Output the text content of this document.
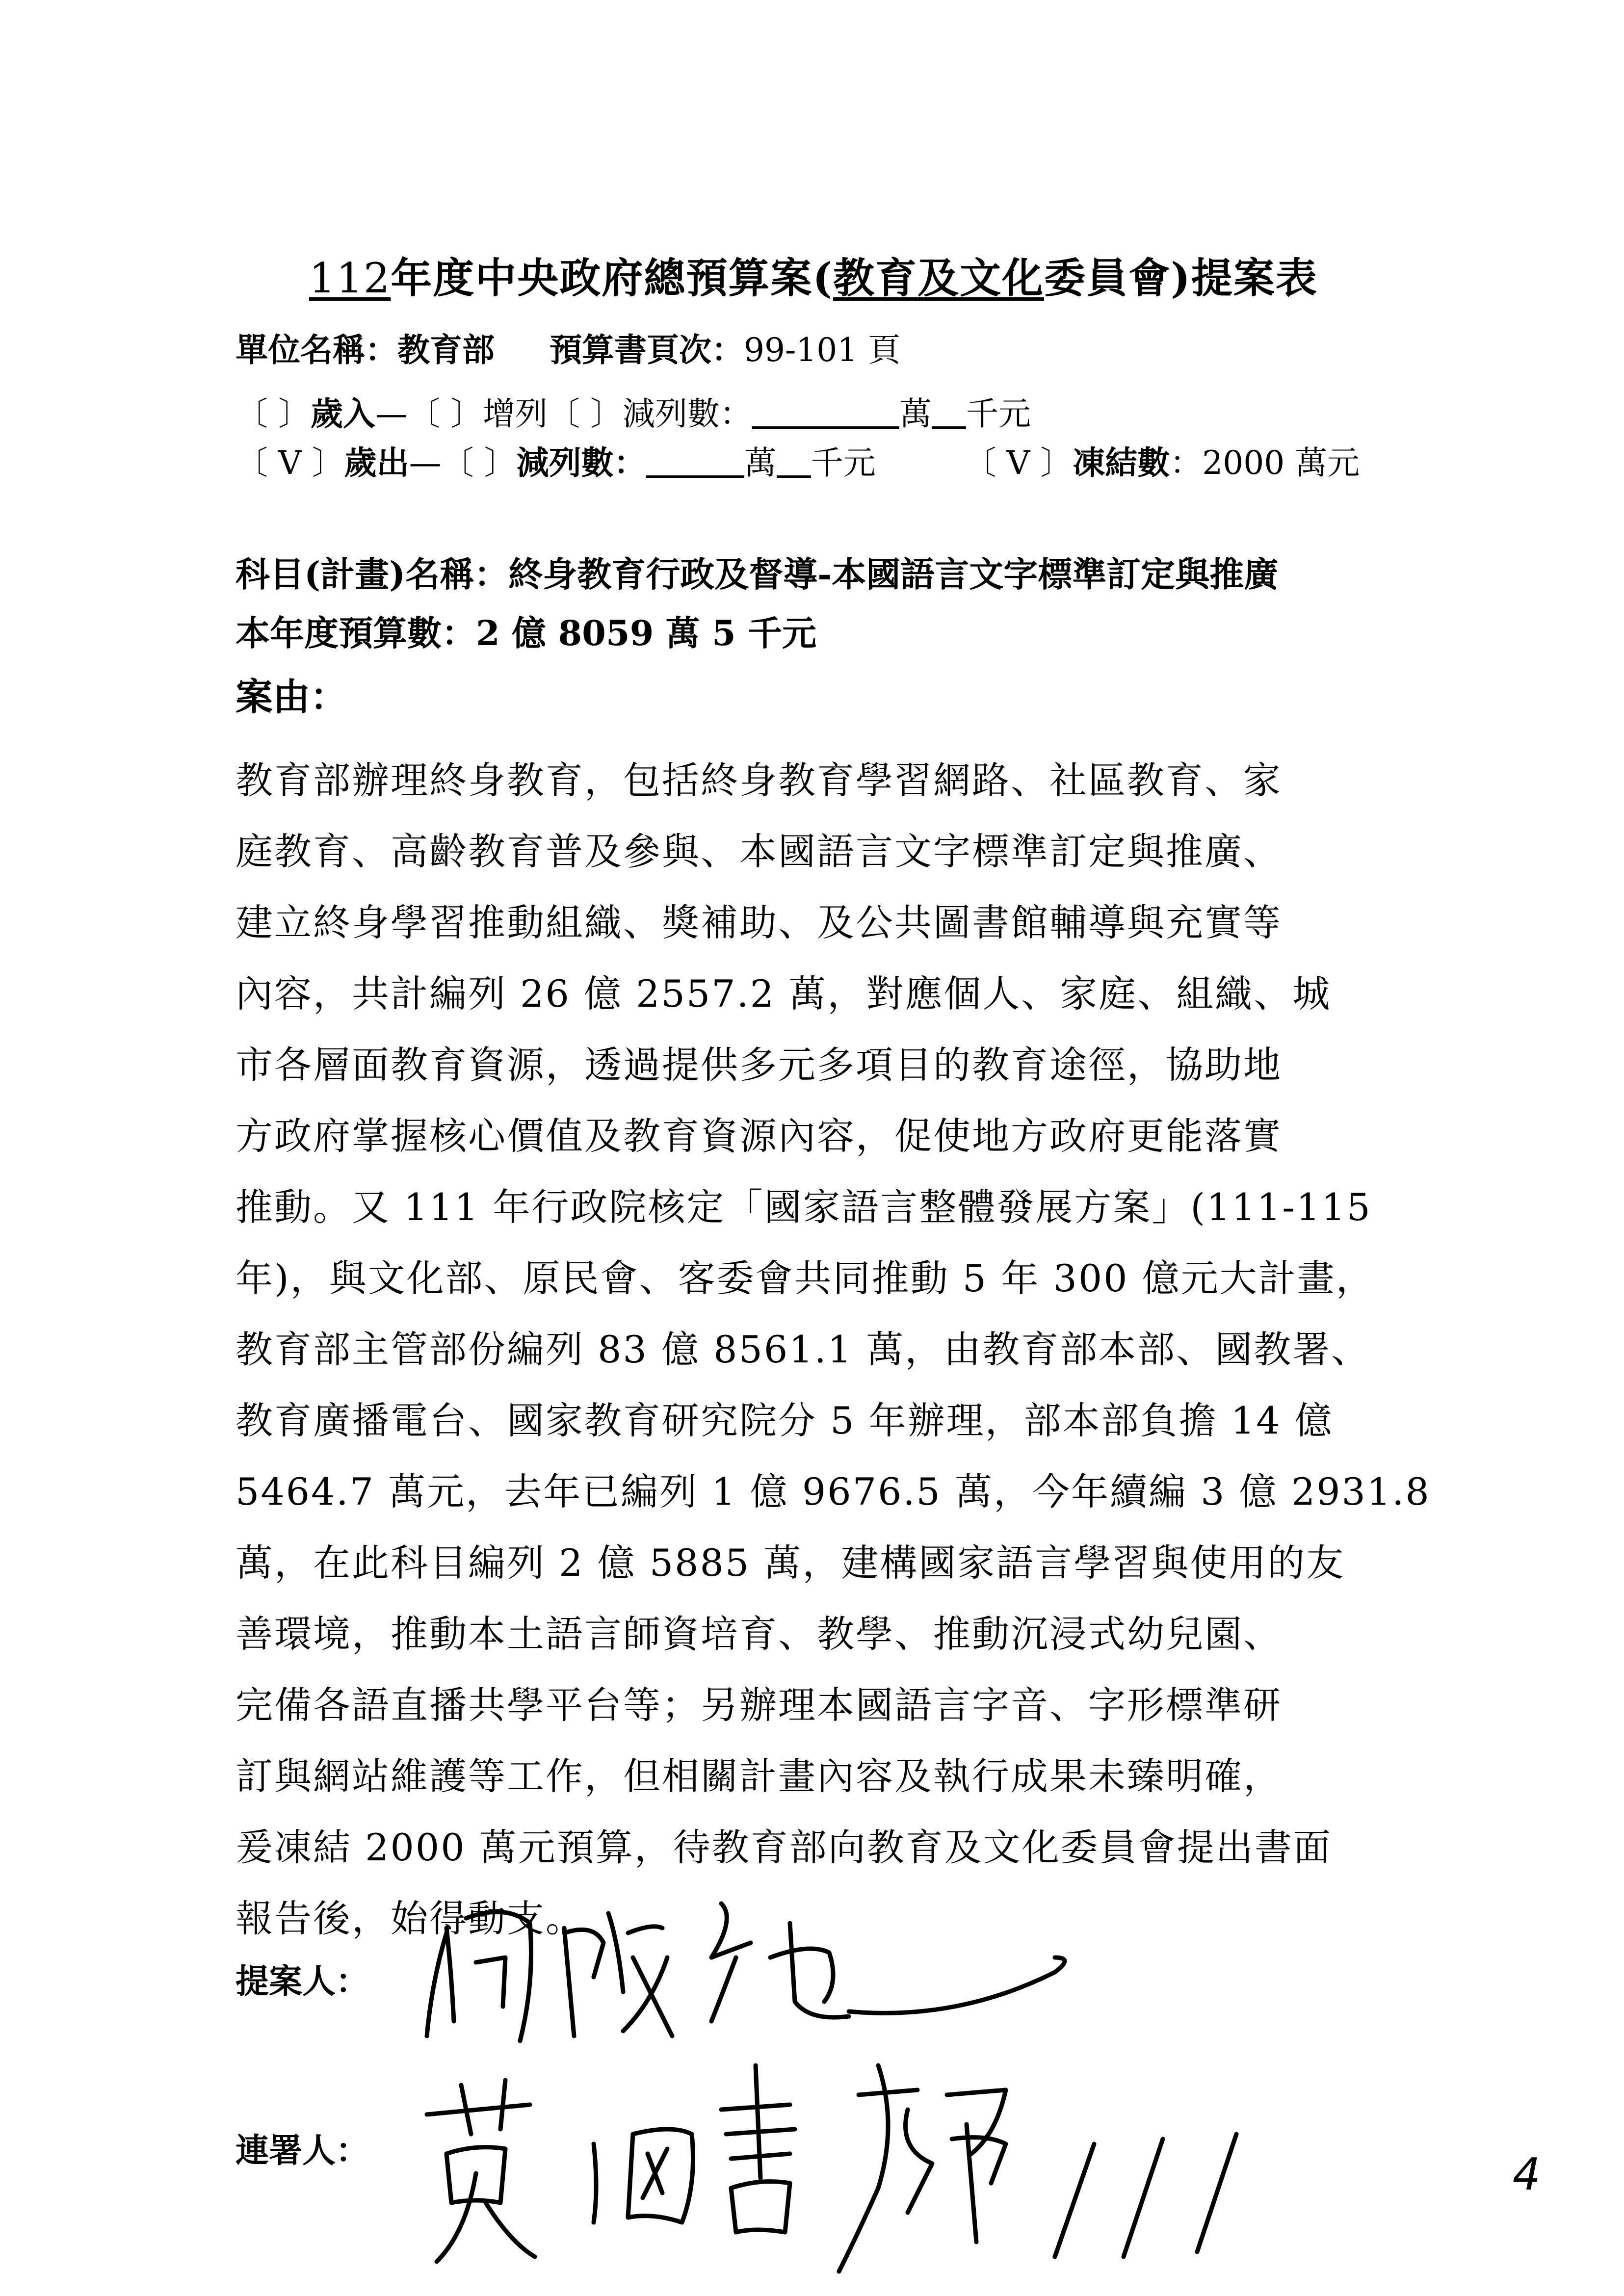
112年度中央政府總預算案(教育及文化委員會)提案表
單位名稱：教育部 預算書頁次：99-101 頁
〔 〕歲入—〔 〕增列〔 〕減列數：	萬 千元
〔 V 〕歲出—〔 〕減列數：	萬 千元	〔 V 〕凍結數：2000 萬元
科目(計畫)名稱：終身教育行政及督導-本國語言文字標準訂定與推廣
本年度預算數：2 億 8059 萬 5 千元
案由：
教育部辦理終身教育，包括終身教育學習網路、社區教育、家
庭教育、高齡教育普及參與、本國語言文字標準訂定與推廣、
建立終身學習推動組織、獎補助、及公共圖書館輔導與充實等
內容，共計編列 26 億 2557.2 萬，對應個人、家庭、組織、城
市各層面教育資源，透過提供多元多項目的教育途徑，協助地
方政府掌握核心價值及教育資源內容，促使地方政府更能落實
推動。又 111 年行政院核定「國家語言整體發展方案」(111-115
年)，與文化部、原民會、客委會共同推動 5 年 300 億元大計畫，
教育部主管部份編列 83 億 8561.1 萬，由教育部本部、國教署、
教育廣播電台、國家教育研究院分 5 年辦理，部本部負擔 14 億
5464.7 萬元，去年已編列 1 億 9676.5 萬，今年續編 3 億 2931.8
萬，在此科目編列 2 億 5885 萬，建構國家語言學習與使用的友
善環境，推動本土語言師資培育、教學、推動沉浸式幼兒園、
完備各語直播共學平台等；另辦理本國語言字音、字形標準研
訂與網站維護等工作，但相關計畫內容及執行成果未臻明確，
爰凍結 2000 萬元預算，待教育部向教育及文化委員會提出書面
報告後，始得動支。
提案人：
連署人：	4
